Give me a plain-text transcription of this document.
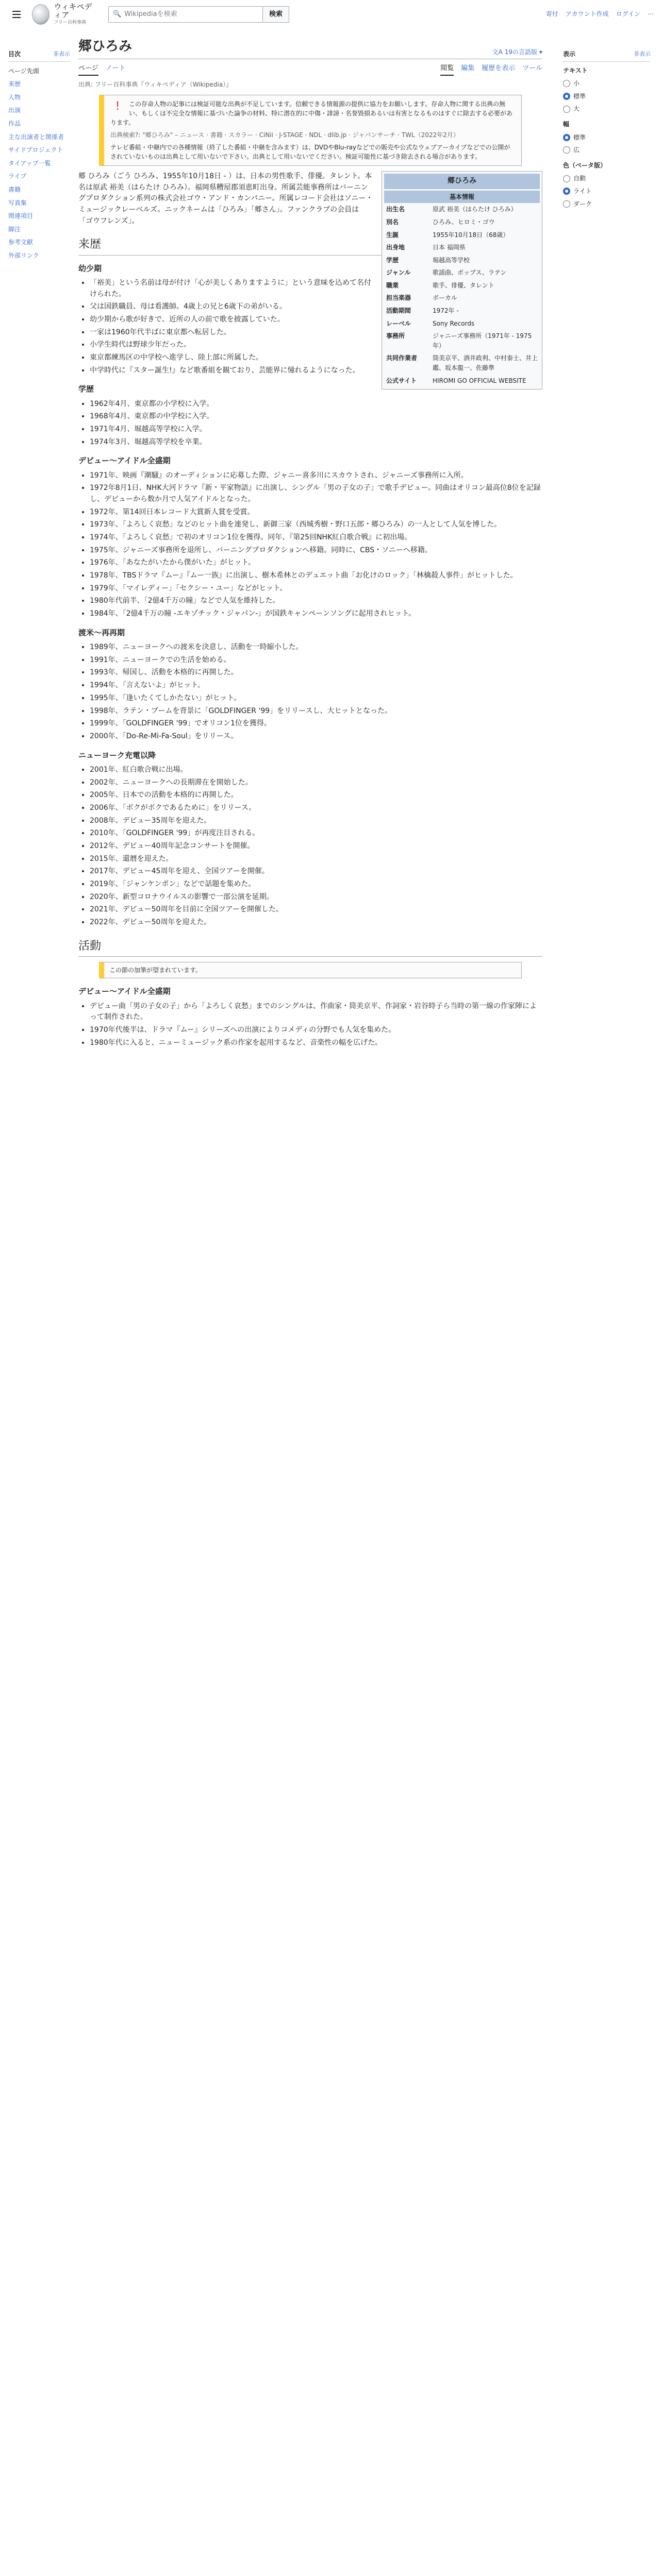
ウィキペディア
フリー百科事典
🔍 Wikipediaを検索	検索	寄付 アカウント作成 ログイン ⋯
目次	非表示
ページ先頭
来歴
人物
出演
作品
主な出演者と関係者
サイドプロジェクト
タイアップ一覧
ライブ
書籍
写真集
関連項目
脚注
参考文献
外部リンク
郷ひろみ	文A 19の言語版 ▾
ページ ノート	閲覧 編集 履歴を表示 ツール
出典: フリー百科事典『ウィキペディア（Wikipedia）』
!	この存命人物の記事には検証可能な出典が不足しています。信頼できる情報源の提供に協力をお願いします。存命人物に関する出典の無い、もしくは不完全な情報に基づいた論争の材料、特に潜在的に中傷・誹謗・名誉毀損あるいは有害となるものはすぐに除去する必要があります。

出典検索?: "郷ひろみ" – ニュース · 書籍 · スカラー · CiNii · J-STAGE · NDL · dlib.jp · ジャパンサーチ · TWL（2022年2月）

テレビ番組・中継内での各種情報（終了した番組・中継を含みます）は、DVDやBlu-rayなどでの販売や公式なウェブアーカイブなどでの公開がされていないものは出典として用いないで下さい。出典として用いないでください。検証可能性に基づき除去される場合があります。

郷ひろみ
基本情報
出生名	原武 裕美（はらたけ ひろみ）
別名	ひろみ、ヒロミ・ゴウ
生誕	1955年10月18日（68歳）
出身地	日本 福岡県
学歴	堀越高等学校
ジャンル	歌謡曲、ポップス、ラテン
職業	歌手、俳優、タレント
担当楽器	ボーカル
活動期間	1972年 -
レーベル	Sony Records
事務所	ジャニーズ事務所（1971年 - 1975年）
共同作業者	筒美京平、酒井政利、中村泰士、井上鑑、坂本龍一、佐藤準
公式サイト	HIROMI GO OFFICIAL WEBSITE

郷 ひろみ（ごう ひろみ、1955年10月18日 - ）は、日本の男性歌手、俳優。タレント。本名は原武 裕美（はらたけ ひろみ）。福岡県糟屋郡須恵町出身。所属芸能事務所はバーニングプロダクション系列の株式会社ゴウ・アンド・カンパニー。所属レコード会社はソニー・ミュージックレーベルズ。ニックネームは「ひろみ」「郷さん」。ファンクラブの会員は「ゴウフレンズ」。

来歴
幼少期
• 「裕美」という名前は母が付け「心が美しくありますように」という意味を込めて名付けられた。
• 父は国鉄職員、母は看護師。4歳上の兄と6歳下の弟がいる。
• 幼少期から歌が好きで、近所の人の前で歌を披露していた。
• 一家は1960年代半ばに東京都へ転居した。
• 小学生時代は野球少年だった。
• 東京都練馬区の中学校へ進学し、陸上部に所属した。
• 中学時代に『スター誕生!』など歌番組を観ており、芸能界に憧れるようになった。
学歴
• 1962年4月、東京都の小学校に入学。
• 1968年4月、東京都の中学校に入学。
• 1971年4月、堀越高等学校に入学。
• 1974年3月、堀越高等学校を卒業。
デビュー〜アイドル全盛期
• 1971年、映画『潮騒』のオーディションに応募した際、ジャニー喜多川にスカウトされ、ジャニーズ事務所に入所。
• 1972年8月1日、NHK大河ドラマ『新・平家物語』に出演し、シングル「男の子女の子」で歌手デビュー。同曲はオリコン最高位8位を記録し、デビューから数か月で人気アイドルとなった。
• 1972年、第14回日本レコード大賞新人賞を受賞。
• 1973年、「よろしく哀愁」などのヒット曲を連発し、新御三家（西城秀樹・野口五郎・郷ひろみ）の一人として人気を博した。
• 1974年、「よろしく哀愁」で初のオリコン1位を獲得。同年、『第25回NHK紅白歌合戦』に初出場。
• 1975年、ジャニーズ事務所を退所し、バーニングプロダクションへ移籍。同時に、CBS・ソニーへ移籍。
• 1976年、「あなたがいたから僕がいた」がヒット。
• 1978年、TBSドラマ『ムー』『ムー一族』に出演し、樹木希林とのデュエット曲「お化けのロック」「林檎殺人事件」がヒットした。
• 1979年、「マイレディー」「セクシー・ユー」などがヒット。
• 1980年代前半、「2億4千万の瞳」などで人気を維持した。
• 1984年、「2億4千万の瞳 -エキゾチック・ジャパン-」が国鉄キャンペーンソングに起用されヒット。
渡米〜再再期
• 1989年、ニューヨークへの渡米を決意し、活動を一時縮小した。
• 1991年、ニューヨークでの生活を始める。
• 1993年、帰国し、活動を本格的に再開した。
• 1994年、「言えないよ」がヒット。
• 1995年、「逢いたくてしかたない」がヒット。
• 1998年、ラテン・ブームを背景に「GOLDFINGER '99」をリリースし、大ヒットとなった。
• 1999年、「GOLDFINGER '99」でオリコン1位を獲得。
• 2000年、「Do-Re-Mi-Fa-Soul」をリリース。
ニューヨーク充電以降
• 2001年、紅白歌合戦に出場。
• 2002年、ニューヨークへの長期滞在を開始した。
• 2005年、日本での活動を本格的に再開した。
• 2006年、「ボクがボクであるために」をリリース。
• 2008年、デビュー35周年を迎えた。
• 2010年、「GOLDFINGER '99」が再度注目される。
• 2012年、デビュー40周年記念コンサートを開催。
• 2015年、還暦を迎えた。
• 2017年、デビュー45周年を迎え、全国ツアーを開催。
• 2019年、「ジャンケンポン」などで話題を集めた。
• 2020年、新型コロナウイルスの影響で一部公演を延期。
• 2021年、デビュー50周年を目前に全国ツアーを開催した。
• 2022年、デビュー50周年を迎えた。
活動
この節の加筆が望まれています。
デビュー〜アイドル全盛期
• デビュー曲「男の子女の子」から「よろしく哀愁」までのシングルは、作曲家・筒美京平、作詞家・岩谷時子ら当時の第一線の作家陣によって制作された。
• 1970年代後半は、ドラマ『ムー』シリーズへの出演によりコメディの分野でも人気を集めた。
• 1980年代に入ると、ニューミュージック系の作家を起用するなど、音楽性の幅を広げた。
表示	非表示
テキスト
小
標準
大
幅
標準
広
色（ベータ版）
自動
ライト
ダーク
